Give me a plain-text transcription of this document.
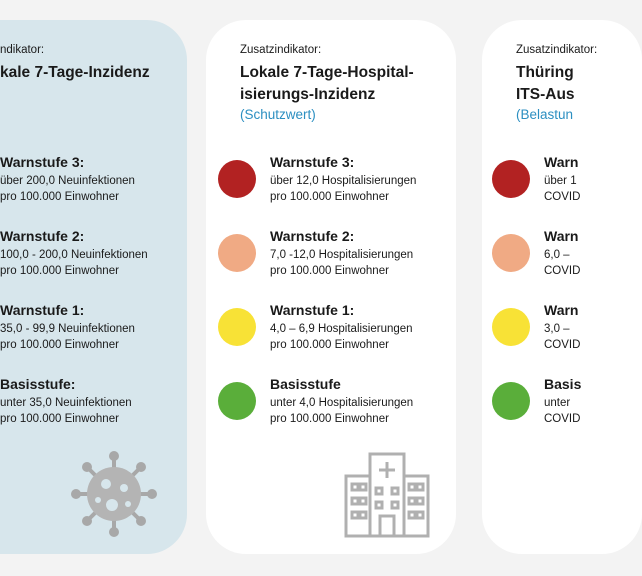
ndikator:
kale 7-Tage-Inzidenz
Warnstufe 3:
über 200,0 Neuinfektionen
pro 100.000 Einwohner
Warnstufe 2:
100,0 - 200,0 Neuinfektionen
pro 100.000 Einwohner
Warnstufe 1:
35,0 - 99,9 Neuinfektionen
pro 100.000 Einwohner
Basisstufe:
unter 35,0 Neuinfektionen
pro 100.000 Einwohner
Zusatzindikator:
Lokale 7-Tage-Hospital-
isierungs-Inzidenz
(Schutzwert)
Warnstufe 3:
über 12,0 Hospitalisierungen
pro 100.000 Einwohner
Warnstufe 2:
7,0 -12,0 Hospitalisierungen
pro 100.000 Einwohner
Warnstufe 1:
4,0 – 6,9 Hospitalisierungen
pro 100.000 Einwohner
Basisstufe
unter 4,0 Hospitalisierungen
pro 100.000 Einwohner
Zusatzindikator:
Thüring
ITS-Aus
(Belastun
Warn
über 1
COVID
Warn
6,0 –
COVID
Warn
3,0 –
COVID
Basis
unter
COVID
